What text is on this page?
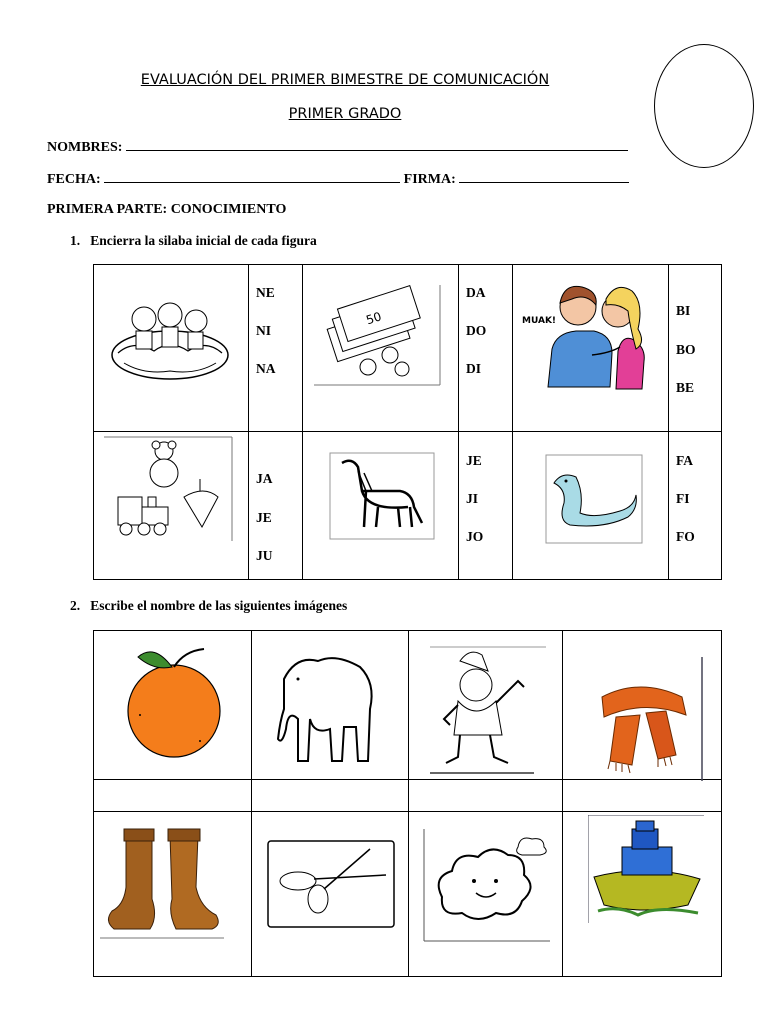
EVALUACIÓN DEL PRIMER BIMESTRE DE COMUNICACIÓN
PRIMER GRADO
NOMBRES:
FECHA:	FIRMA:
PRIMERA PARTE: CONOCIMIENTO
1. Encierra la silaba inicial de cada figura
NE
NI
NA
50
DA
DO
DI
MUAK!
BI
BO
BE
JA
JE
JU
JE
JI
JO
FA
FI
FO
2. Escribe el nombre de las siguientes imágenes
